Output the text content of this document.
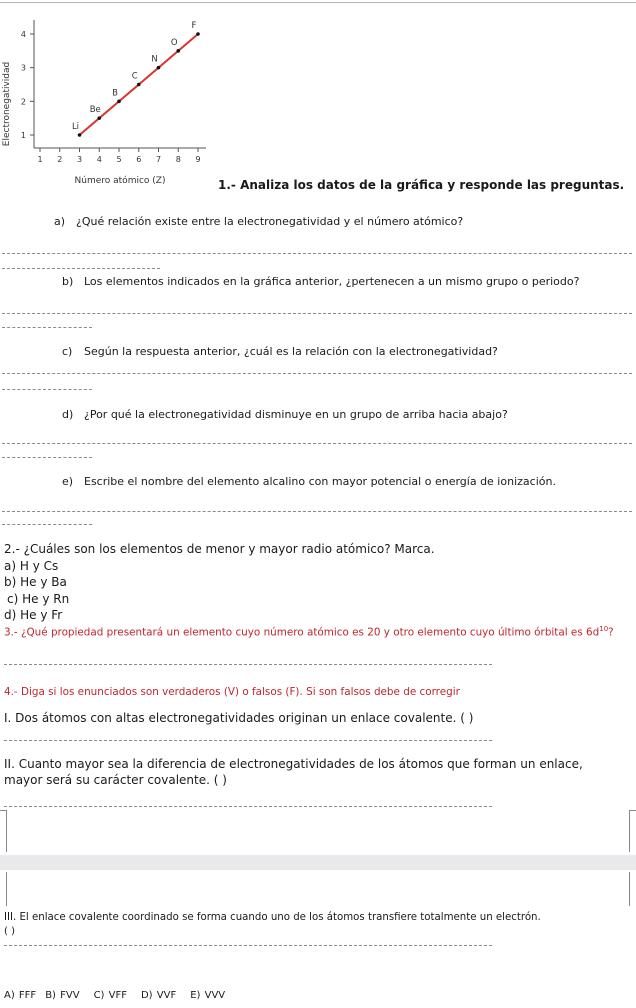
1 2 3 4 5 6 7 8 9
1
2
3
4
Li
Be
B
C
N
O
F
Electronegatividad
Número atómico (Z)	1.- Analiza los datos de la gráfica y responde las preguntas.
a) ¿Qué relación existe entre la electronegatividad y el número atómico?
b) Los elementos indicados en la gráfica anterior, ¿pertenecen a un mismo grupo o periodo?
c) Según la respuesta anterior, ¿cuál es la relación con la electronegatividad?
d) ¿Por qué la electronegatividad disminuye en un grupo de arriba hacia abajo?
e) Escribe el nombre del elemento alcalino con mayor potencial o energía de ionización.
2.- ¿Cuáles son los elementos de menor y mayor radio atómico? Marca.
a) H y Cs
b) He y Ba
c) He y Rn
d) He y Fr
3.- ¿Qué propiedad presentará un elemento cuyo número atómico es 20 y otro elemento cuyo último órbital es $6d^{10}$?
4.- Diga si los enunciados son verdaderos (V) o falsos (F). Si son falsos debe de corregir
I. Dos átomos con altas electronegatividades originan un enlace covalente. ( )
II. Cuanto mayor sea la diferencia de electronegatividades de los átomos que forman un enlace,
mayor será su carácter covalente. ( )
III. El enlace covalente coordinado se forma cuando uno de los átomos transfiere totalmente un electrón.
( )
A) FFF B) FVV C) VFF D) VVF E) VVV
